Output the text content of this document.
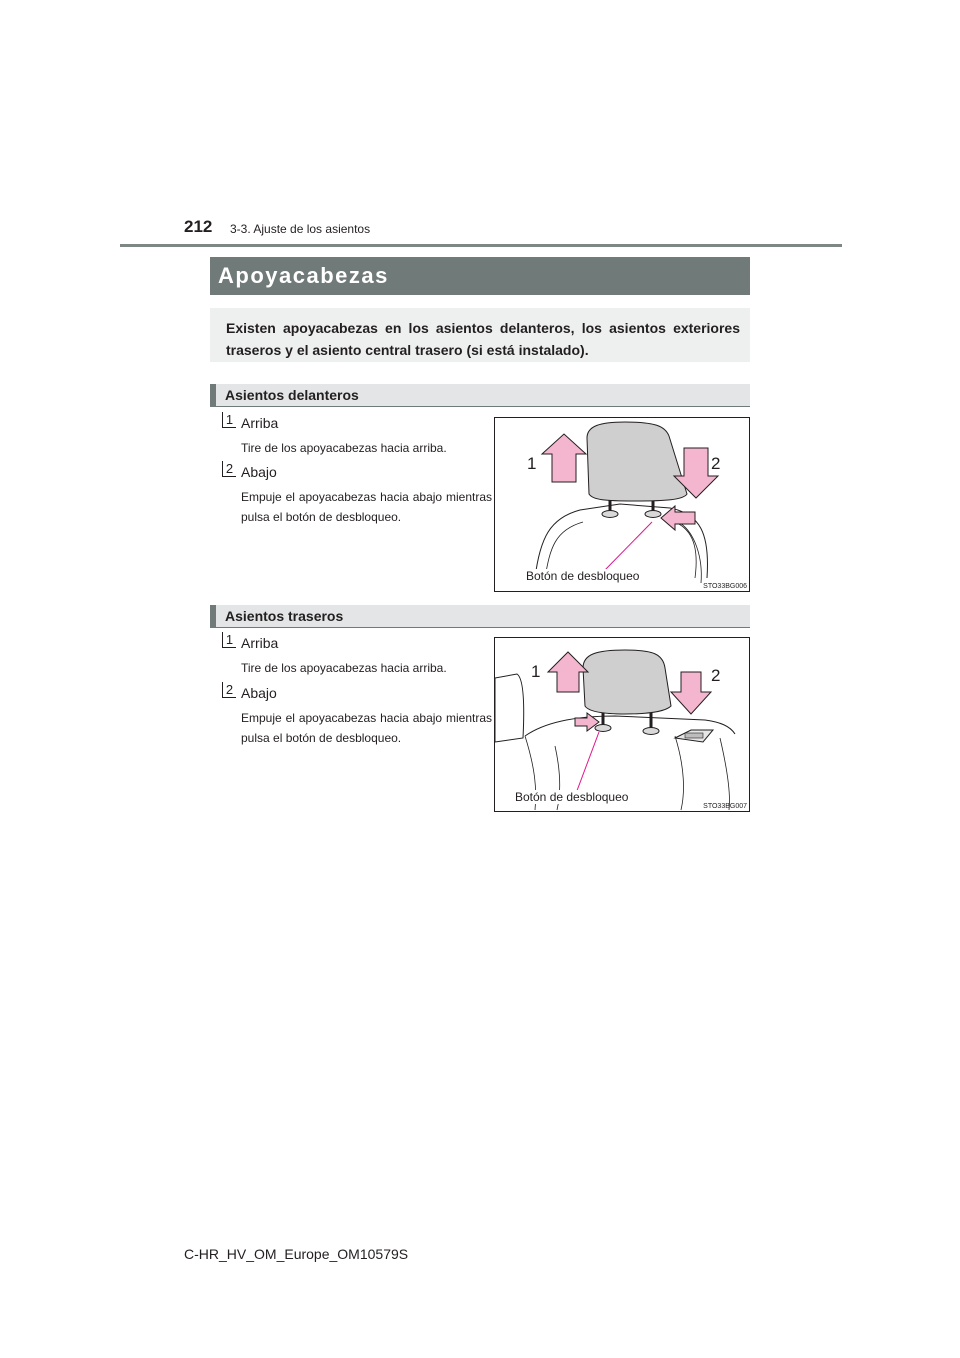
212 3-3. Ajuste de los asientos
Apoyacabezas
Existen apoyacabezas en los asientos delanteros, los asientos exteriores traseros y el asiento central trasero (si está instalado).
Asientos delanteros
1 Arriba
Tire de los apoyacabezas hacia arriba.
2 Abajo
Empuje el apoyacabezas hacia abajo mientras pulsa el botón de desbloqueo.
1	2
Botón de desbloqueo
STO33BG006
Asientos traseros
1 Arriba
Tire de los apoyacabezas hacia arriba.
2 Abajo
Empuje el apoyacabezas hacia abajo mientras pulsa el botón de desbloqueo.
1	2
Botón de desbloqueo
STO33BG007
C-HR_HV_OM_Europe_OM10579S
